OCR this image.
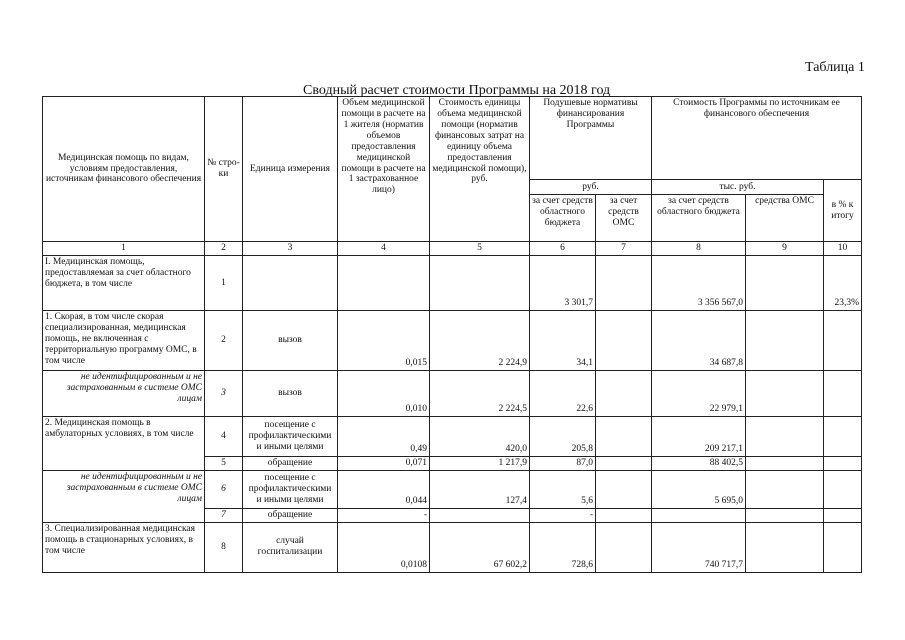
Таблица 1
Сводный расчет стоимости Программы на 2018 год
Медицинская помощь по видам, условиям предоставления, источникам финансового обеспечения	№ стро-ки	Единица измерения	Объем медицинской помощи в расчете на 1 жителя (норматив объемов предоставления медицинской помощи в расчете на 1 застрахованное лицо)	Стоимость единицы объема медицинской помощи (норматив финансовых затрат на единицу объема предоставления медицинской помощи), руб.	Подушевые нормативы финансирования Программы		Стоимость Программы по источникам ее финансового обеспечения		
					руб.		тыс. руб.		в % к итогу
					за счет средств областного бюджета	за счет средств ОМС	за счет средств областного бюджета	средства ОМС	
1	2	3	4	5	6	7	8	9	10
I. Медицинская помощь, предоставляемая за счет областного бюджета, в том числе	1				3 301,7		3 356 567,0		23,3%
1. Скорая, в том числе скорая специализированная, медицинская помощь, не включенная с территориальную программу ОМС, в том числе	2	вызов	0,015	2 224,9	34,1		34 687,8		
не идентифицированным и не застрахованным в системе ОМС лицам	3	вызов	0,010	2 224,5	22,6		22 979,1		
2. Медицинская помощь в амбулаторных условиях, в том числе	4	посещение с профилактическими и иными целями	0,49	420,0	205,8		209 217,1		
	5	обращение	0,071	1 217,9	87,0		88 402,5		
не идентифицированным и не застрахованным в системе ОМС лицам	6	посещение с профилактическими и иными целями	0,044	127,4	5,6		5 695,0		
	7	обращение	-		-				
3. Специализированная медицинская помощь в стационарных условиях, в том числе	8	случай госпитализации	0,0108	67 602,2	728,6		740 717,7		
